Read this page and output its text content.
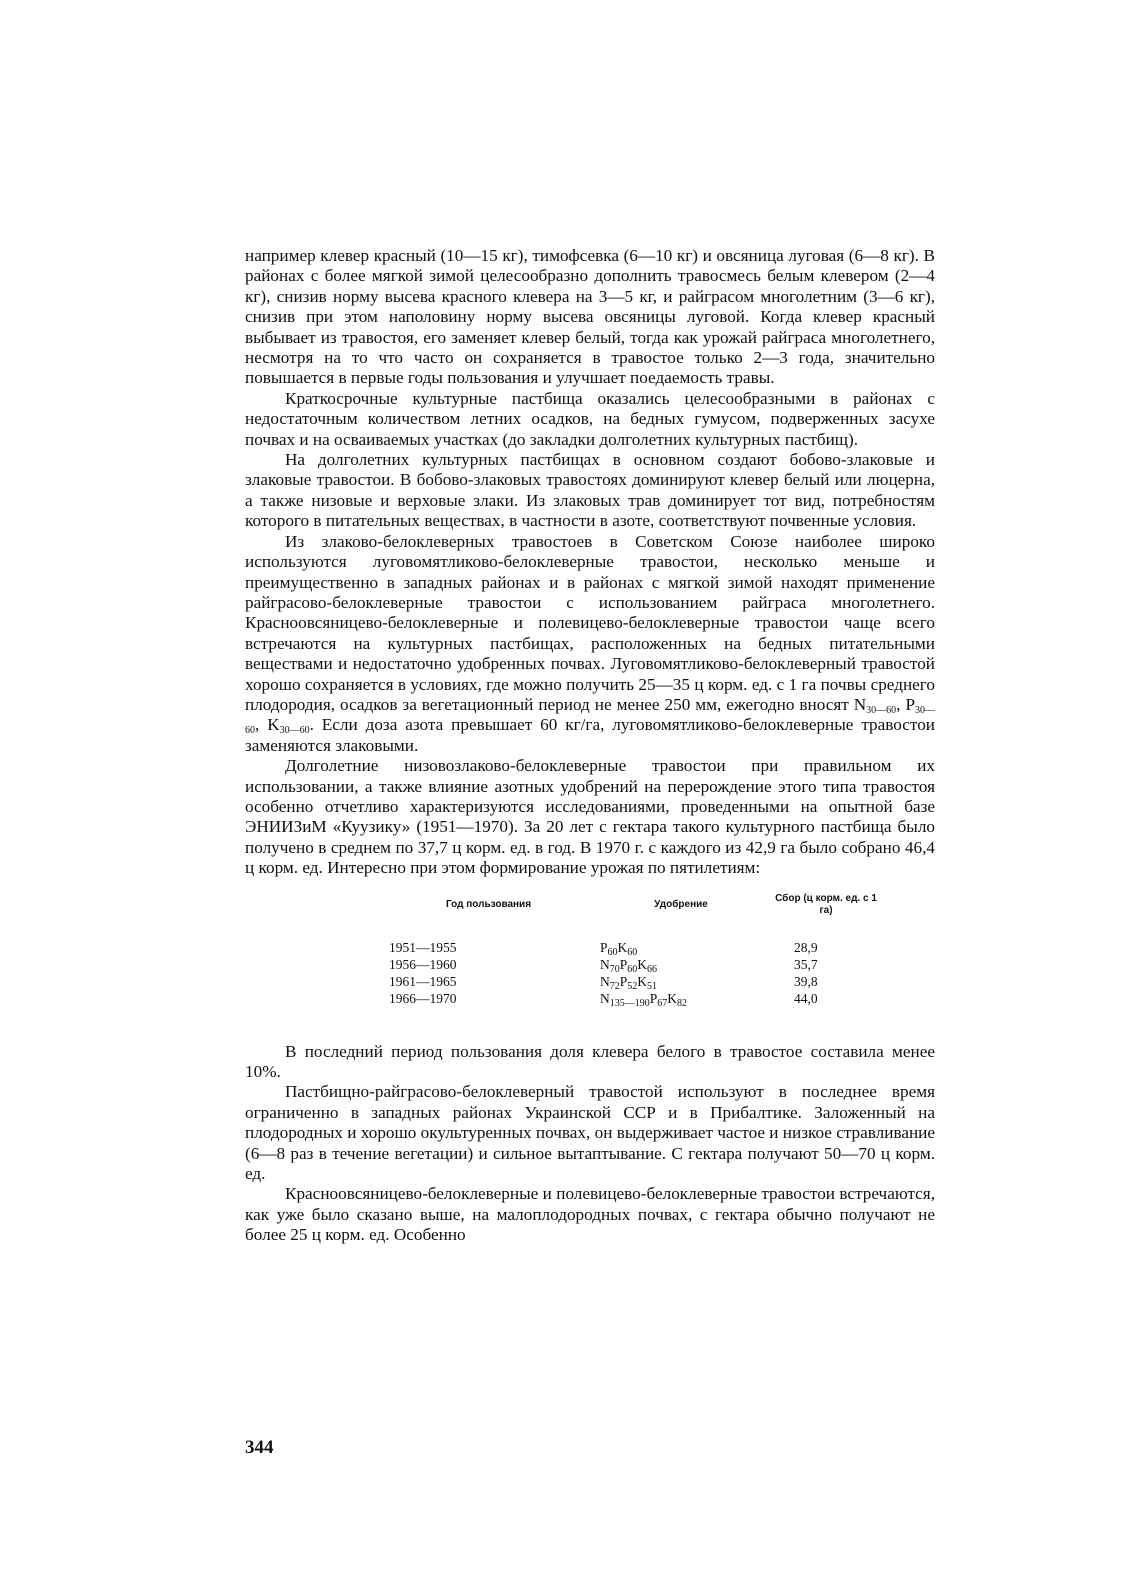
например клевер красный (10—15 кг), тимофсевка (6—10 кг) и овсяница луговая (6—8 кг). В районах с более мягкой зимой целесообразно дополнить травосмесь белым клевером (2—4 кг), снизив норму высева красного клевера на 3—5 кг, и райграсом многолетним (3—6 кг), снизив при этом наполовину норму высева овсяницы луговой. Когда клевер красный выбывает из травостоя, его заменяет клевер белый, тогда как урожай райграса многолетнего, несмотря на то что часто он сохраняется в травостое только 2—3 года, значительно повышается в первые годы пользования и улучшает поедаемость травы.

Краткосрочные культурные пастбища оказались целесообразными в районах с недостаточным количеством летних осадков, на бедных гумусом, подверженных засухе почвах и на осваиваемых участках (до закладки долголетних культурных пастбищ).

На долголетних культурных пастбищах в основном создают бобово-злаковые и злаковые травостои. В бобово-злаковых травостоях доминируют клевер белый или люцерна, а также низовые и верховые злаки. Из злаковых трав доминирует тот вид, потребностям которого в питательных веществах, в частности в азоте, соответствуют почвенные условия.

Из злаково-белоклеверных травостоев в Советском Союзе наиболее широко используются луговомятликово-белоклеверные травостои, несколько меньше и преимущественно в западных районах и в районах с мягкой зимой находят применение райграсово-белоклеверные травостои с использованием райграса многолетнего. Красноовсяницево-белоклеверные и полевицево-белоклеверные травостои чаще всего встречаются на культурных пастбищах, расположенных на бедных питательными веществами и недостаточно удобренных почвах. Луговомятликово-белоклеверный травостой хорошо сохраняется в условиях, где можно получить 25—35 ц корм. ед. с 1 га почвы среднего плодородия, осадков за вегетационный период не менее 250 мм, ежегодно вносят $N_{30—60}$, $P_{30—60}$, $K_{30—60}$. Если доза азота превышает 60 кг/га, луговомятликово-белоклеверные травостои заменяются злаковыми.

Долголетние низовозлаково-белоклеверные травостои при правильном их использовании, а также влияние азотных удобрений на перерождение этого типа травостоя особенно отчетливо характеризуются исследованиями, проведенными на опытной базе ЭНИИЗиМ «Куузику» (1951—1970). За 20 лет с гектара такого культурного пастбища было получено в среднем по 37,7 ц корм. ед. в год. В 1970 г. с каждого из 42,9 га было собрано 46,4 ц корм. ед. Интересно при этом формирование урожая по пятилетиям:

Год пользования	Удобрение	Сбор (ц корм. ед. с 1 га)
1951—1955	$P_{60}K_{60}$	28,9
1956—1960	$N_{70}P_{60}K_{66}$	35,7
1961—1965	$N_{72}P_{52}K_{51}$	39,8
1966—1970	$N_{135—190}P_{67}K_{82}$	44,0

В последний период пользования доля клевера белого в травостое составила менее 10%.

Пастбищно-райграсово-белоклеверный травостой используют в последнее время ограниченно в западных районах Украинской ССР и в Прибалтике. Заложенный на плодородных и хорошо окультуренных почвах, он выдерживает частое и низкое стравливание (6—8 раз в течение вегетации) и сильное вытаптывание. С гектара получают 50—70 ц корм. ед.

Красноовсяницево-белоклеверные и полевицево-белоклеверные травостои встречаются, как уже было сказано выше, на малоплодородных почвах, с гектара обычно получают не более 25 ц корм. ед. Особенно

344
